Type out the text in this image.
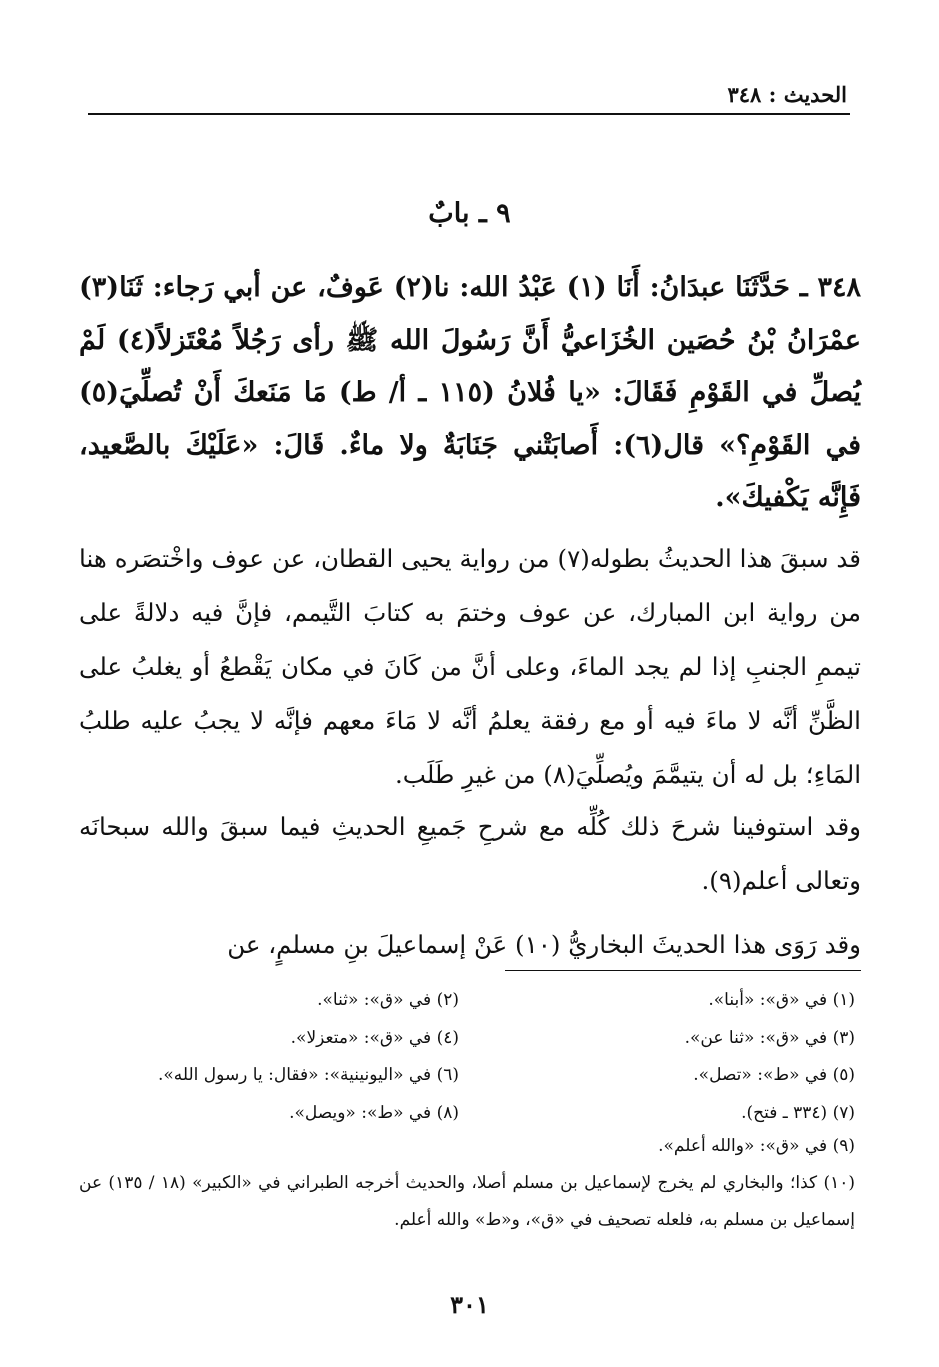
الحديث : ٣٤٨
٩ ـ بابٌ
٣٤٨ ـ حَدَّثَنَا عبدَانُ: أَنَا (١) عَبْدُ الله: نا(٢) عَوفٌ، عن أبي رَجاء: ثَنَا(٣) عمْرَانُ بْنُ حُصَين الخُزَاعيُّ أَنَّ رَسُولَ الله ﷺ رأى رَجُلاً مُعْتَزلاً(٤) لَمْ يُصلِّ في القَوْمِ فَقَالَ: «يا فُلانُ (١١٥ ـ أ/ ط) مَا مَنَعكَ أَنْ تُصلِّيَ(٥) في القَوْمِ؟» قال(٦): أَصابَتْني جَنَابَةٌ ولا ماءٌ. قَالَ: «عَلَيْكَ بالصَّعيد، فَإِنَّه يَكْفيكَ».
قد سبقَ هذا الحديثُ بطوله(٧) من رواية يحيى القطان، عن عوف واخْتصَره هنا من رواية ابن المبارك، عن عوف وختمَ به كتابَ التَّيمم، فإنَّ فيه دلالةً على تيممِ الجنبِ إذا لم يجد الماءَ، وعلى أنَّ من كَانَ في مكان يَقْطعُ أو يغلبُ على الظَّنِّ أنَّه لا ماءَ فيه أو مع رفقة يعلمُ أنَّه لا مَاءَ معهم فإنَّه لا يجبُ عليه طلبُ المَاءِ؛ بل له أن يتيمَّمَ ويُصلِّيَ(٨) من غيرِ طَلَب.
وقد استوفينا شرحَ ذلك كُلِّه مع شرحِ جَميعِ الحديثِ فيما سبقَ والله سبحانَه وتعالى أعلم(٩).
وقد رَوَى هذا الحديثَ البخاريُّ (١٠) عَنْ إسماعيلَ بنِ مسلمٍ، عن
(١) في «ق»: «أبنا».
(٢) في «ق»: «ثنا».
(٣) في «ق»: «ثنا عن».
(٤) في «ق»: «متعزلا».
(٥) في «ط»: «تصل».
(٦) في «اليونينية»: «فقال: يا رسول الله».
(٧) (٣٣٤ ـ فتح).
(٨) في «ط»: «ويصل».
(٩) في «ق»: «والله أعلم».
(١٠) كذا؛ والبخاري لم يخرج لإسماعيل بن مسلم أصلا، والحديث أخرجه الطبراني في «الكبير» (١٨ / ١٣٥) عن إسماعيل بن مسلم به، فلعله تصحيف في «ق»، و«ط» والله أعلم.
٣٠١
